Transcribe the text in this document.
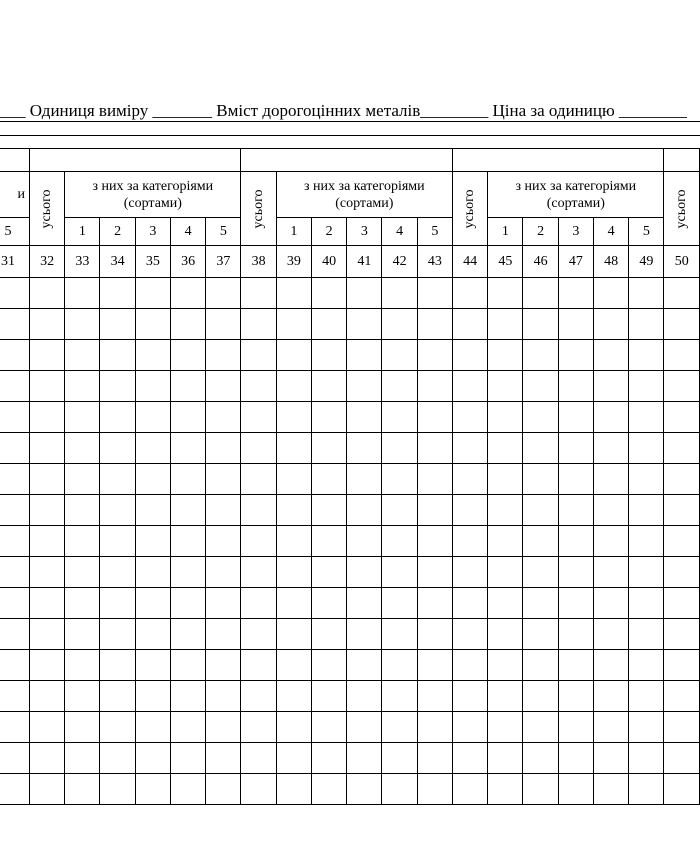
___ Одиниця виміру _______ Вміст дорогоцінних металів________ Ціна за одиницю ________

и	усього	з них за категоріями (сортами)					усього	з них за категоріями (сортами)					усього	з них за категоріями (сортами)					усього

5		1	2	3	4	5		1	2	3	4	5		1	2	3	4	5	
31	32	33	34	35	36	37	38	39	40	41	42	43	44	45	46	47	48	49	50
